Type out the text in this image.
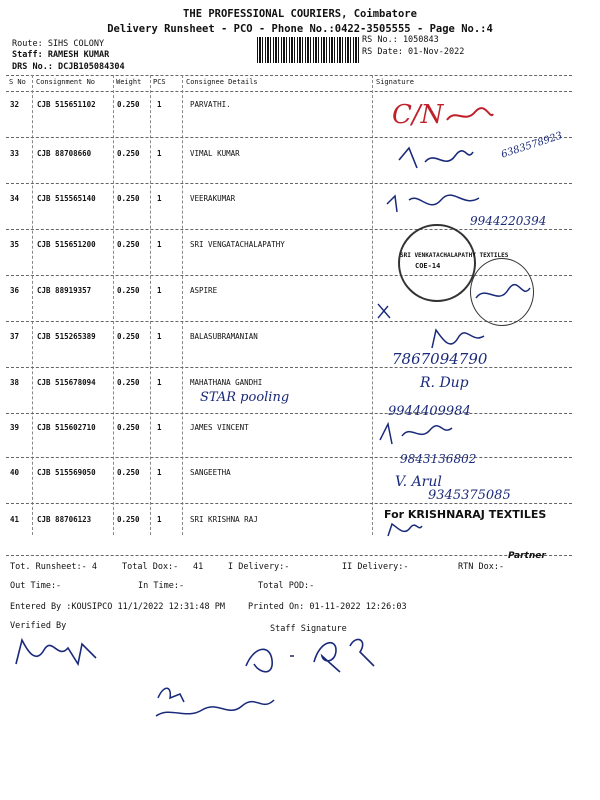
THE PROFESSIONAL COURIERS, Coimbatore
Delivery Runsheet - PCO - Phone No.:0422-3505555 - Page No.:4
Route: SIHS COLONY
Staff: RAMESH KUMAR
DRS No.: DCJB105084304
RS No.: 1050843
RS Date: 01-Nov-2022
S No Consignment No	Weight PCS	Consignee Details	Signature
32 CJB 515651102	0.250 1	PARVATHI.
33 CJB 88708660	0.250 1	VIMAL KUMAR
34 CJB 515565140	0.250 1	VEERAKUMAR
35 CJB 515651200	0.250 1	SRI VENGATACHALAPATHY
36 CJB 88919357	0.250 1	ASPIRE
37 CJB 515265389	0.250 1	BALASUBRAMANIAN
38 CJB 515678094	0.250 1	MAHATHANA GANDHI
39 CJB 515602710	0.250 1	JAMES VINCENT
40 CJB 515569050	0.250 1	SANGEETHA
41 CJB 88706123	0.250 1	SRI KRISHNA RAJ
C/N
6383578923
9944220394
SRI VENKATACHALAPATHY TEXTILES
COE-14
7867094790
STAR pooling
R. Dup
9944409984
9843136802
V. Arul
9345375085
For KRISHNARAJ TEXTILES
Partner
Tot. Runsheet:- 4	Total Dox:- 41	I Delivery:-	II Delivery:-	RTN Dox:-
Out Time:-	In Time:-	Total POD:-
Entered By :KOUSIPCO 11/1/2022 12:31:48 PM	Printed On: 01-11-2022 12:26:03
Verified By	Staff Signature
